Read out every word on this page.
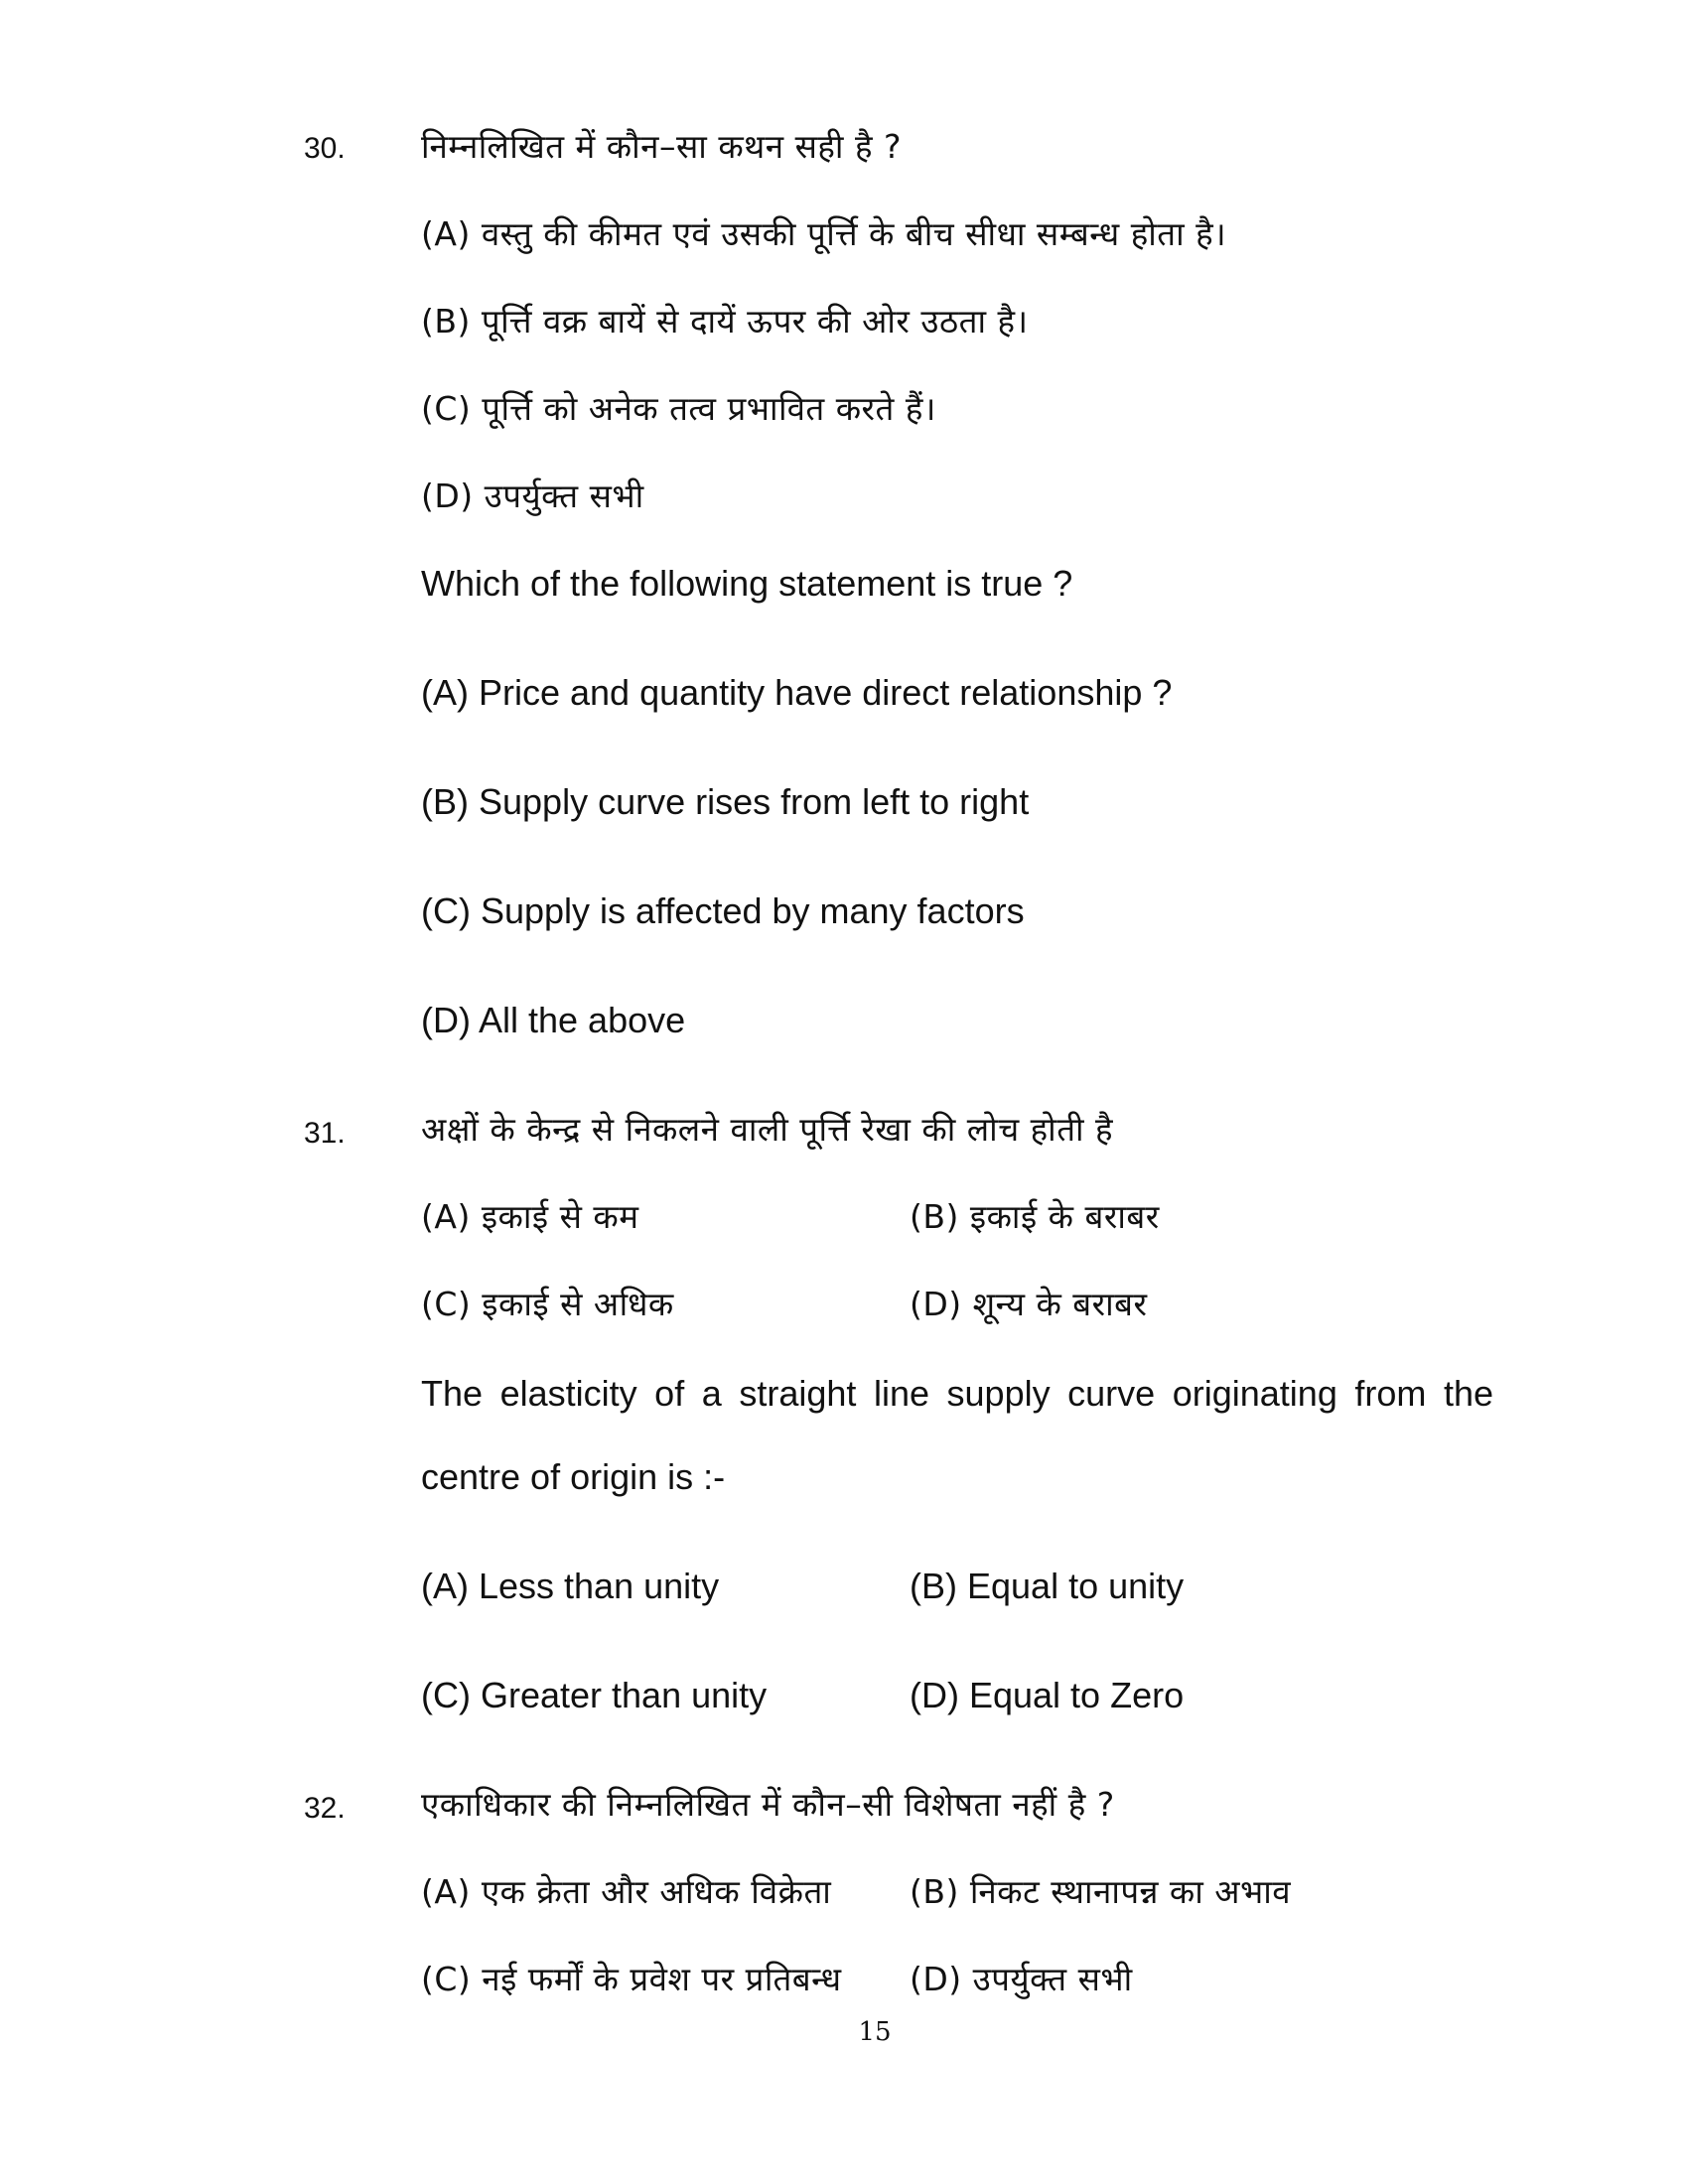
30. निम्नलिखित में कौन–सा कथन सही है ?
(A) वस्तु की कीमत एवं उसकी पूर्त्ति के बीच सीधा सम्बन्ध होता है।
(B) पूर्त्ति वक्र बायें से दायें ऊपर की ओर उठता है।
(C) पूर्त्ति को अनेक तत्व प्रभावित करते हैं।
(D) उपर्युक्त सभी
Which of the following statement is true ?
(A) Price and quantity have direct relationship ?
(B) Supply curve rises from left to right
(C) Supply is affected by many factors
(D) All the above
31. अक्षों के केन्द्र से निकलने वाली पूर्त्ति रेखा की लोच होती है
(A) इकाई से कम	(B) इकाई के बराबर
(C) इकाई से अधिक	(D) शून्य के बराबर
The elasticity of a straight line supply curve originating from the
centre of origin is :-
(A) Less than unity	(B) Equal to unity
(C) Greater than unity	(D) Equal to Zero
32. एकाधिकार की निम्नलिखित में कौन–सी विशेषता नहीं है ?
(A) एक क्रेता और अधिक विक्रेता (B) निकट स्थानापन्न का अभाव
(C) नई फर्मों के प्रवेश पर प्रतिबन्ध (D) उपर्युक्त सभी
15
